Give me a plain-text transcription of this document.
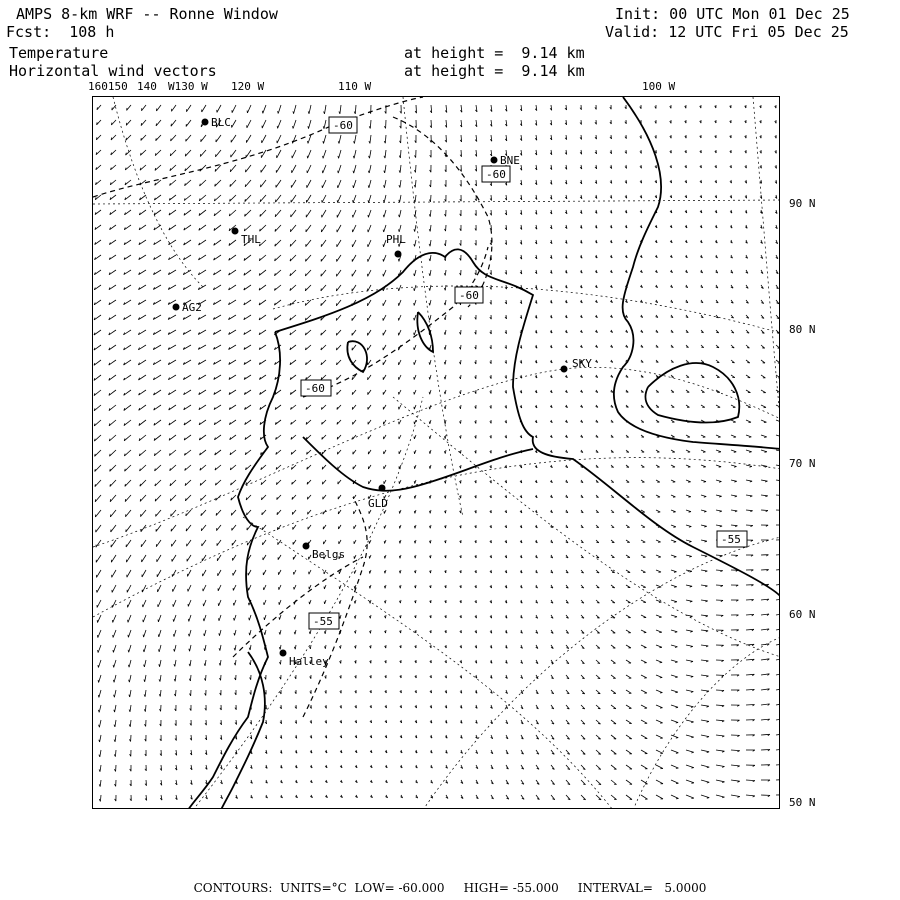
AMPS 8-km WRF -- Ronne Window
Fcst:  108 h
Temperature
Horizontal wind vectors
at height =  9.14 km
at height =  9.14 km
Init: 00 UTC Mon 01 Dec 25
Valid: 12 UTC Fri 05 Dec 25
160150 140 W130 W 120 W	110 W	100 W
90 N
80 N
70 N
60 N
50 N
-60
-60
-60
-60
-55
-55
BLC
BNE
THL	PHL
AG2
SKY
GLD
Belgs
Halley
CONTOURS:  UNITS=°C  LOW= -60.000     HIGH= -55.000     INTERVAL=   5.0000
